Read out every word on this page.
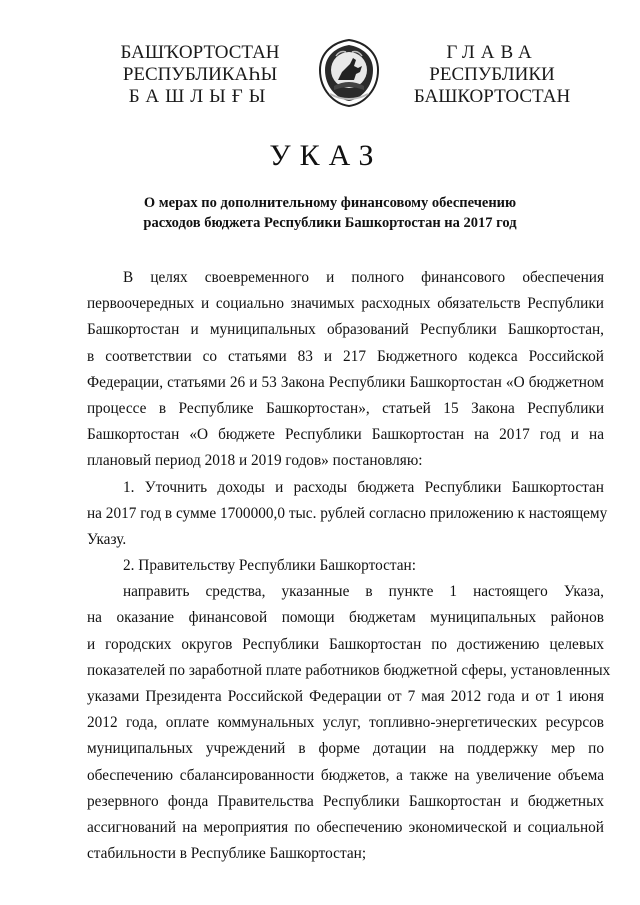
БАШҠОРТОСТАН
РЕСПУБЛИКАҺЫ
БАШЛЫҒЫ
ГЛАВА
РЕСПУБЛИКИ
БАШКОРТОСТАН
УКАЗ
О мерах по дополнительному финансовому обеспечению
расходов бюджета Республики Башкортостан на 2017 год
В целях своевременного и полного финансового обеспечения
первоочередных и социально значимых расходных обязательств Республики
Башкортостан и муниципальных образований Республики Башкортостан,
в соответствии со статьями 83 и 217 Бюджетного кодекса Российской
Федерации, статьями 26 и 53 Закона Республики Башкортостан «О бюджетном
процессе в Республике Башкортостан», статьей 15 Закона Республики
Башкортостан «О бюджете Республики Башкортостан на 2017 год и на
плановый период 2018 и 2019 годов» постановляю:
1. Уточнить доходы и расходы бюджета Республики Башкортостан
на 2017 год в сумме 1700000,0 тыс. рублей согласно приложению к настоящему
Указу.
2. Правительству Республики Башкортостан:
направить средства, указанные в пункте 1 настоящего Указа,
на оказание финансовой помощи бюджетам муниципальных районов
и городских округов Республики Башкортостан по достижению целевых
показателей по заработной плате работников бюджетной сферы, установленных
указами Президента Российской Федерации от 7 мая 2012 года и от 1 июня
2012 года, оплате коммунальных услуг, топливно-энергетических ресурсов
муниципальных учреждений в форме дотации на поддержку мер по
обеспечению сбалансированности бюджетов, а также на увеличение объема
резервного фонда Правительства Республики Башкортостан и бюджетных
ассигнований на мероприятия по обеспечению экономической и социальной
стабильности в Республике Башкортостан;
